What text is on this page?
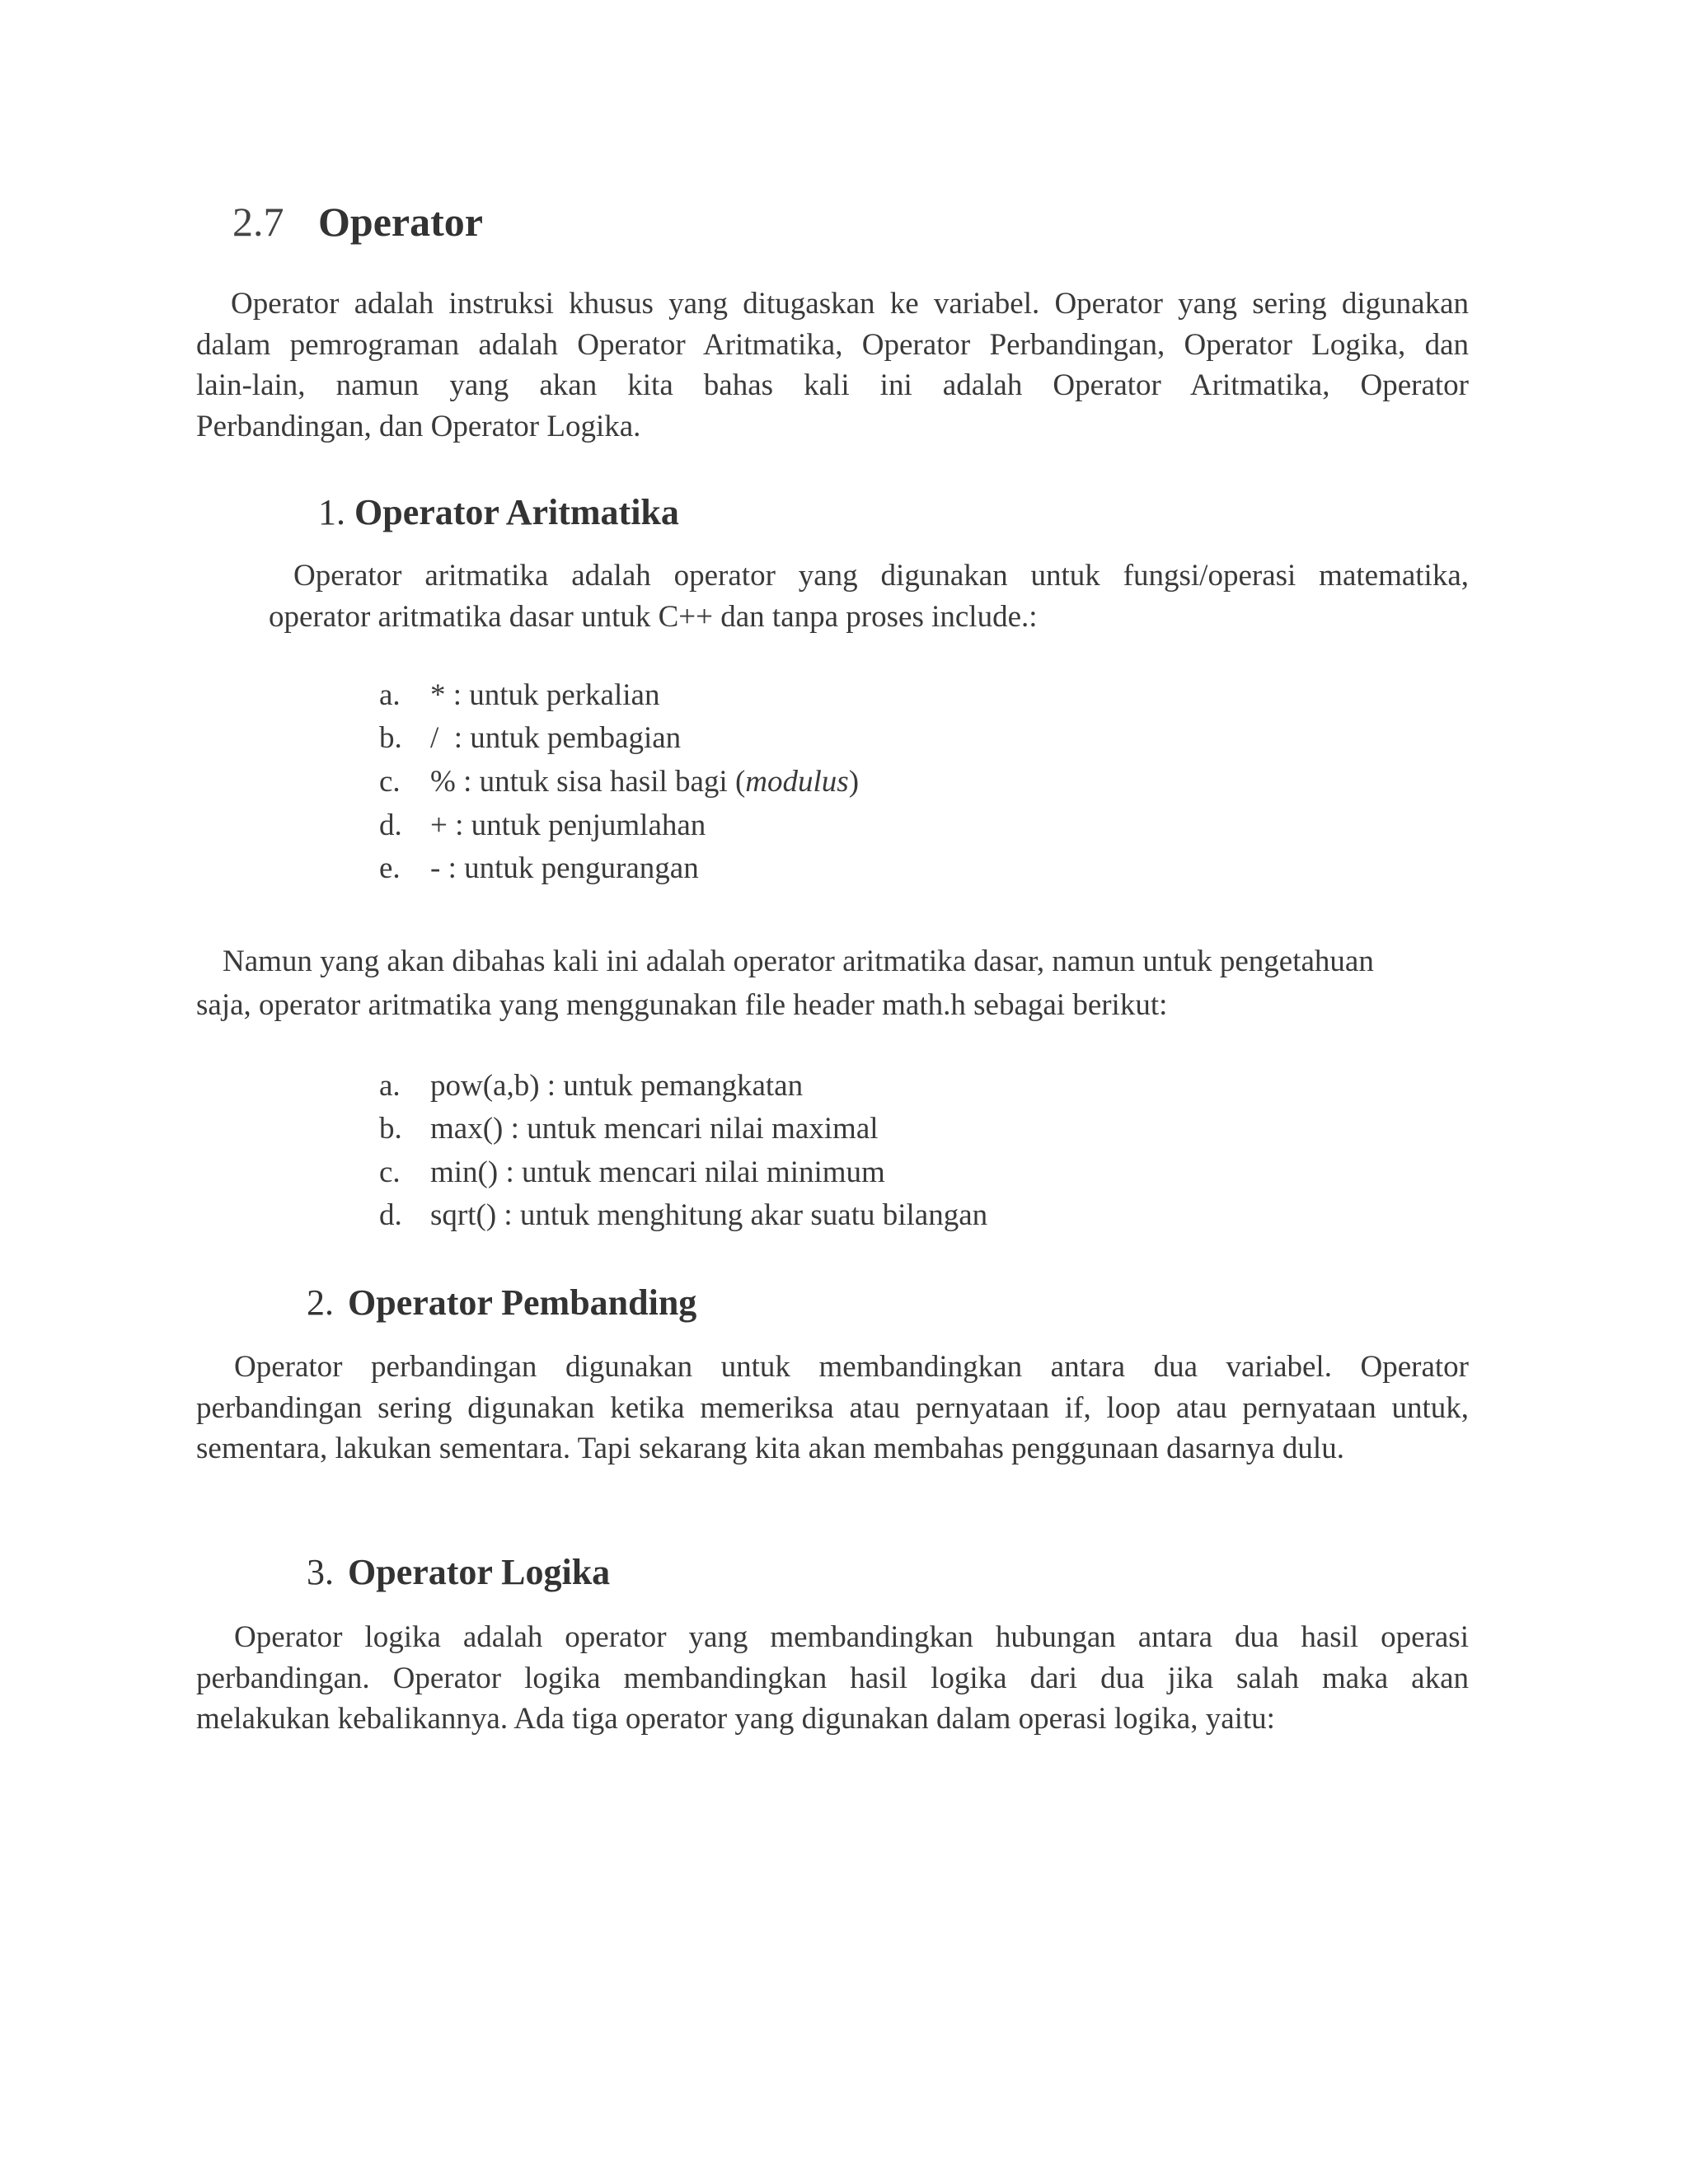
2.7 Operator
Operator adalah instruksi khusus yang ditugaskan ke variabel. Operator yang sering digunakan
dalam pemrograman adalah Operator Aritmatika, Operator Perbandingan, Operator Logika, dan
lain-lain, namun yang akan kita bahas kali ini adalah Operator Aritmatika, Operator
Perbandingan, dan Operator Logika.
1. Operator Aritmatika
Operator aritmatika adalah operator yang digunakan untuk fungsi/operasi matematika,
operator aritmatika dasar untuk C++ dan tanpa proses include.:
a. * : untuk perkalian
b. /  : untuk pembagian
c. % : untuk sisa hasil bagi (modulus)
d. + : untuk penjumlahan
e. - : untuk pengurangan
Namun yang akan dibahas kali ini adalah operator aritmatika dasar, namun untuk pengetahuan
saja, operator aritmatika yang menggunakan file header math.h sebagai berikut:
a. pow(a,b) : untuk pemangkatan
b. max() : untuk mencari nilai maximal
c. min() : untuk mencari nilai minimum
d. sqrt() : untuk menghitung akar suatu bilangan
2. Operator Pembanding
Operator perbandingan digunakan untuk membandingkan antara dua variabel. Operator
perbandingan sering digunakan ketika memeriksa atau pernyataan if, loop atau pernyataan untuk,
sementara, lakukan sementara. Tapi sekarang kita akan membahas penggunaan dasarnya dulu.
3. Operator Logika
Operator logika adalah operator yang membandingkan hubungan antara dua hasil operasi
perbandingan. Operator logika membandingkan hasil logika dari dua jika salah maka akan
melakukan kebalikannya. Ada tiga operator yang digunakan dalam operasi logika, yaitu:
